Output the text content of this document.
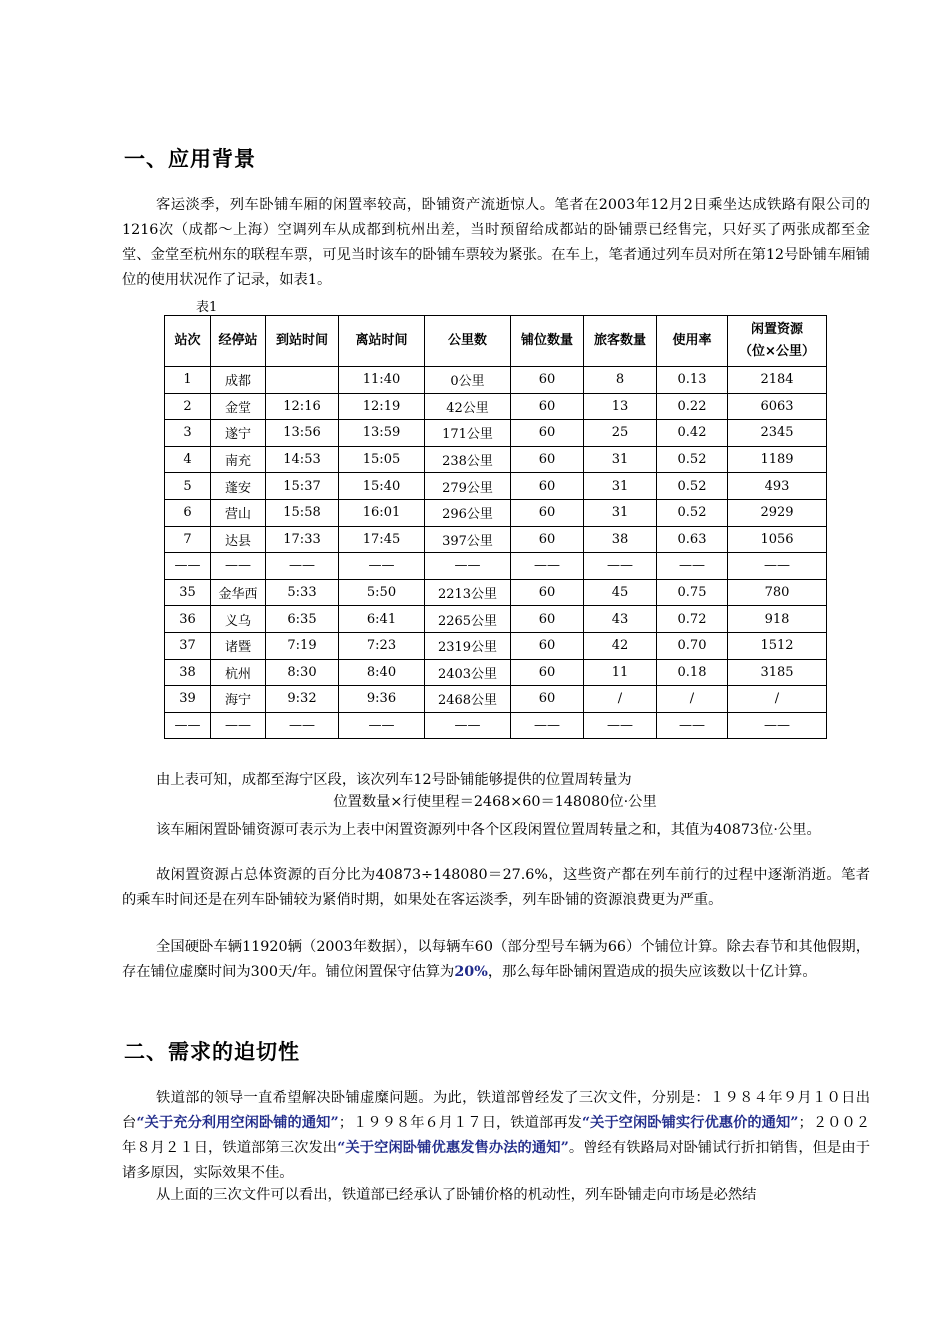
一、应用背景

客运淡季，列车卧铺车厢的闲置率较高，卧铺资产流逝惊人。笔者在2003年12月2日乘坐达成铁路有限公司的1216次（成都～上海）空调列车从成都到杭州出差，当时预留给成都站的卧铺票已经售完，只好买了两张成都至金堂、金堂至杭州东的联程车票，可见当时该车的卧铺车票较为紧张。在车上，笔者通过列车员对所在第12号卧铺车厢铺位的使用状况作了记录，如表1。

表1
站次	经停站	到站时间	离站时间	公里数	铺位数量	旅客数量	使用率	闲置资源
（位×公里）
1	成都		11:40	0公里	60	8	0.13	2184
2	金堂	12:16	12:19	42公里	60	13	0.22	6063
3	遂宁	13:56	13:59	171公里	60	25	0.42	2345
4	南充	14:53	15:05	238公里	60	31	0.52	1189
5	蓬安	15:37	15:40	279公里	60	31	0.52	493
6	营山	15:58	16:01	296公里	60	31	0.52	2929
7	达县	17:33	17:45	397公里	60	38	0.63	1056
——	——	——	——	——	——	——	——	——
35	金华西	5:33	5:50	2213公里	60	45	0.75	780
36	义乌	6:35	6:41	2265公里	60	43	0.72	918
37	诸暨	7:19	7:23	2319公里	60	42	0.70	1512
38	杭州	8:30	8:40	2403公里	60	11	0.18	3185
39	海宁	9:32	9:36	2468公里	60	/	/	/
——	——	——	——	——	——	——	——	——

由上表可知，成都至海宁区段，该次列车12号卧铺能够提供的位置周转量为

位置数量×行使里程＝2468×60＝148080位·公里

该车厢闲置卧铺资源可表示为上表中闲置资源列中各个区段闲置位置周转量之和，其值为40873位·公里。

故闲置资源占总体资源的百分比为40873÷148080＝27.6%，这些资产都在列车前行的过程中逐渐消逝。笔者的乘车时间还是在列车卧铺较为紧俏时期，如果处在客运淡季，列车卧铺的资源浪费更为严重。

全国硬卧车辆11920辆（2003年数据），以每辆车60（部分型号车辆为66）个铺位计算。除去春节和其他假期，存在铺位虚糜时间为300天/年。铺位闲置保守估算为20%，那么每年卧铺闲置造成的损失应该数以十亿计算。

二、需求的迫切性

铁道部的领导一直希望解决卧铺虚糜问题。为此，铁道部曾经发了三次文件，分别是：１９８４年９月１０日出台“关于充分利用空闲卧铺的通知”；１９９８年６月１７日，铁道部再发“关于空闲卧铺实行优惠价的通知”；２００２年８月２１日，铁道部第三次发出“关于空闲卧铺优惠发售办法的通知”。曾经有铁路局对卧铺试行折扣销售，但是由于诸多原因，实际效果不佳。

从上面的三次文件可以看出，铁道部已经承认了卧铺价格的机动性，列车卧铺走向市场是必然结
